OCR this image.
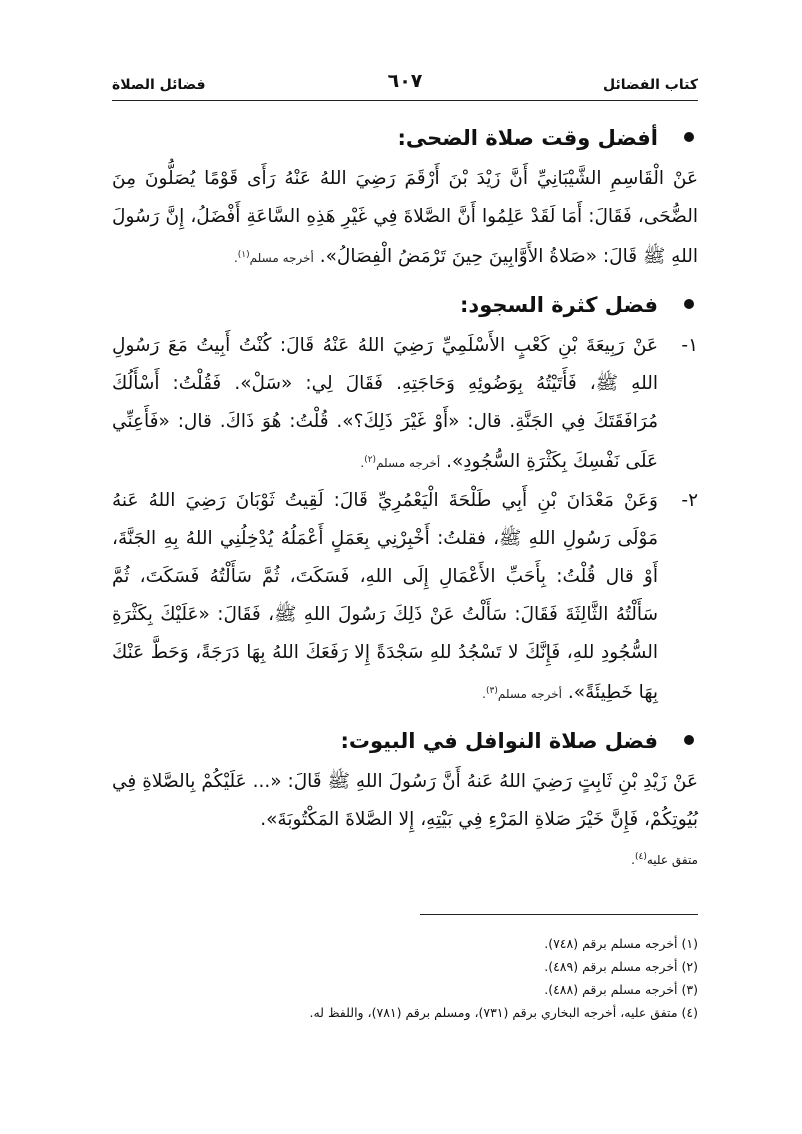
كتاب الفضائل
٦٠٧
فضائل الصلاة
أفضل وقت صلاة الضحى:

عَنْ الْقَاسِمِ الشَّيْبَانِيِّ أَنَّ زَيْدَ بْنَ أَرْقَمَ رَضِيَ اللهُ عَنْهُ رَأَى قَوْمًا يُصَلُّونَ مِنَ الضُّحَى، فَقَالَ: أَمَا لَقَدْ عَلِمُوا أَنَّ الصَّلاةَ فِي غَيْرِ هَذِهِ السَّاعَةِ أَفْضَلُ، إِنَّ رَسُولَ اللهِ ﷺ قَالَ: «صَلاةُ الأَوَّابِينَ حِينَ تَرْمَضُ الْفِصَالُ». أخرجه مسلم$^{(١)}$.

فضل كثرة السجود:

١-
عَنْ رَبِيعَةَ بْنِ كَعْبٍ الأَسْلَمِيِّ رَضِيَ اللهُ عَنْهُ قَالَ: كُنْتُ أَبِيتُ مَعَ رَسُولِ اللهِ ﷺ، فَأَتَيْتُهُ بِوَضُوئِهِ وَحَاجَتِهِ. فَقَالَ لِي: «سَلْ». فَقُلْتُ: أَسْأَلُكَ مُرَافَقَتَكَ فِي الجَنَّةِ. قال: «أَوْ غَيْرَ ذَلِكَ؟». قُلْتُ: هُوَ ذَاكَ. قال: «فَأَعِنِّي عَلَى نَفْسِكَ بِكَثْرَةِ السُّجُودِ». أخرجه مسلم$^{(٢)}$.

٢-
وَعَنْ مَعْدَانَ بْنِ أَبِي طَلْحَةَ الْيَعْمُرِيِّ قَالَ: لَقِيتُ ثَوْبَانَ رَضِيَ اللهُ عَنهُ مَوْلَى رَسُولِ اللهِ ﷺ، فقلتُ: أَخْبِرْنِي بِعَمَلٍ أَعْمَلُهُ يُدْخِلُنِي اللهُ بِهِ الجَنَّةَ، أَوْ قال قُلْتُ: بِأَحَبِّ الأَعْمَالِ إِلَى اللهِ، فَسَكَتَ، ثُمَّ سَأَلْتُهُ فَسَكَتَ، ثُمَّ سَأَلْتُهُ الثَّالِثَةَ فَقَالَ: سَأَلْتُ عَنْ ذَلِكَ رَسُولَ اللهِ ﷺ، فَقَالَ: «عَلَيْكَ بِكَثْرَةِ السُّجُودِ للهِ، فَإِنَّكَ لا تَسْجُدُ للهِ سَجْدَةً إِلا رَفَعَكَ اللهُ بِهَا دَرَجَةً، وَحَطَّ عَنْكَ بِهَا خَطِيئَةً». أخرجه مسلم$^{(٣)}$.

فضل صلاة النوافل في البيوت:

عَنْ زَيْدِ بْنِ ثَابِتٍ رَضِيَ اللهُ عَنهُ أَنَّ رَسُولَ اللهِ ﷺ قَالَ: «... عَلَيْكُمْ بِالصَّلاةِ فِي بُيُوتِكُمْ، فَإِنَّ خَيْرَ صَلاةِ المَرْءِ فِي بَيْتِهِ، إِلا الصَّلاةَ المَكْتُوبَةَ».

متفق عليه$^{(٤)}$.

(١) أخرجه مسلم برقم (٧٤٨).

(٢) أخرجه مسلم برقم (٤٨٩).

(٣) أخرجه مسلم برقم (٤٨٨).

(٤) متفق عليه، أخرجه البخاري برقم (٧٣١)، ومسلم برقم (٧٨١)، واللفظ له.
